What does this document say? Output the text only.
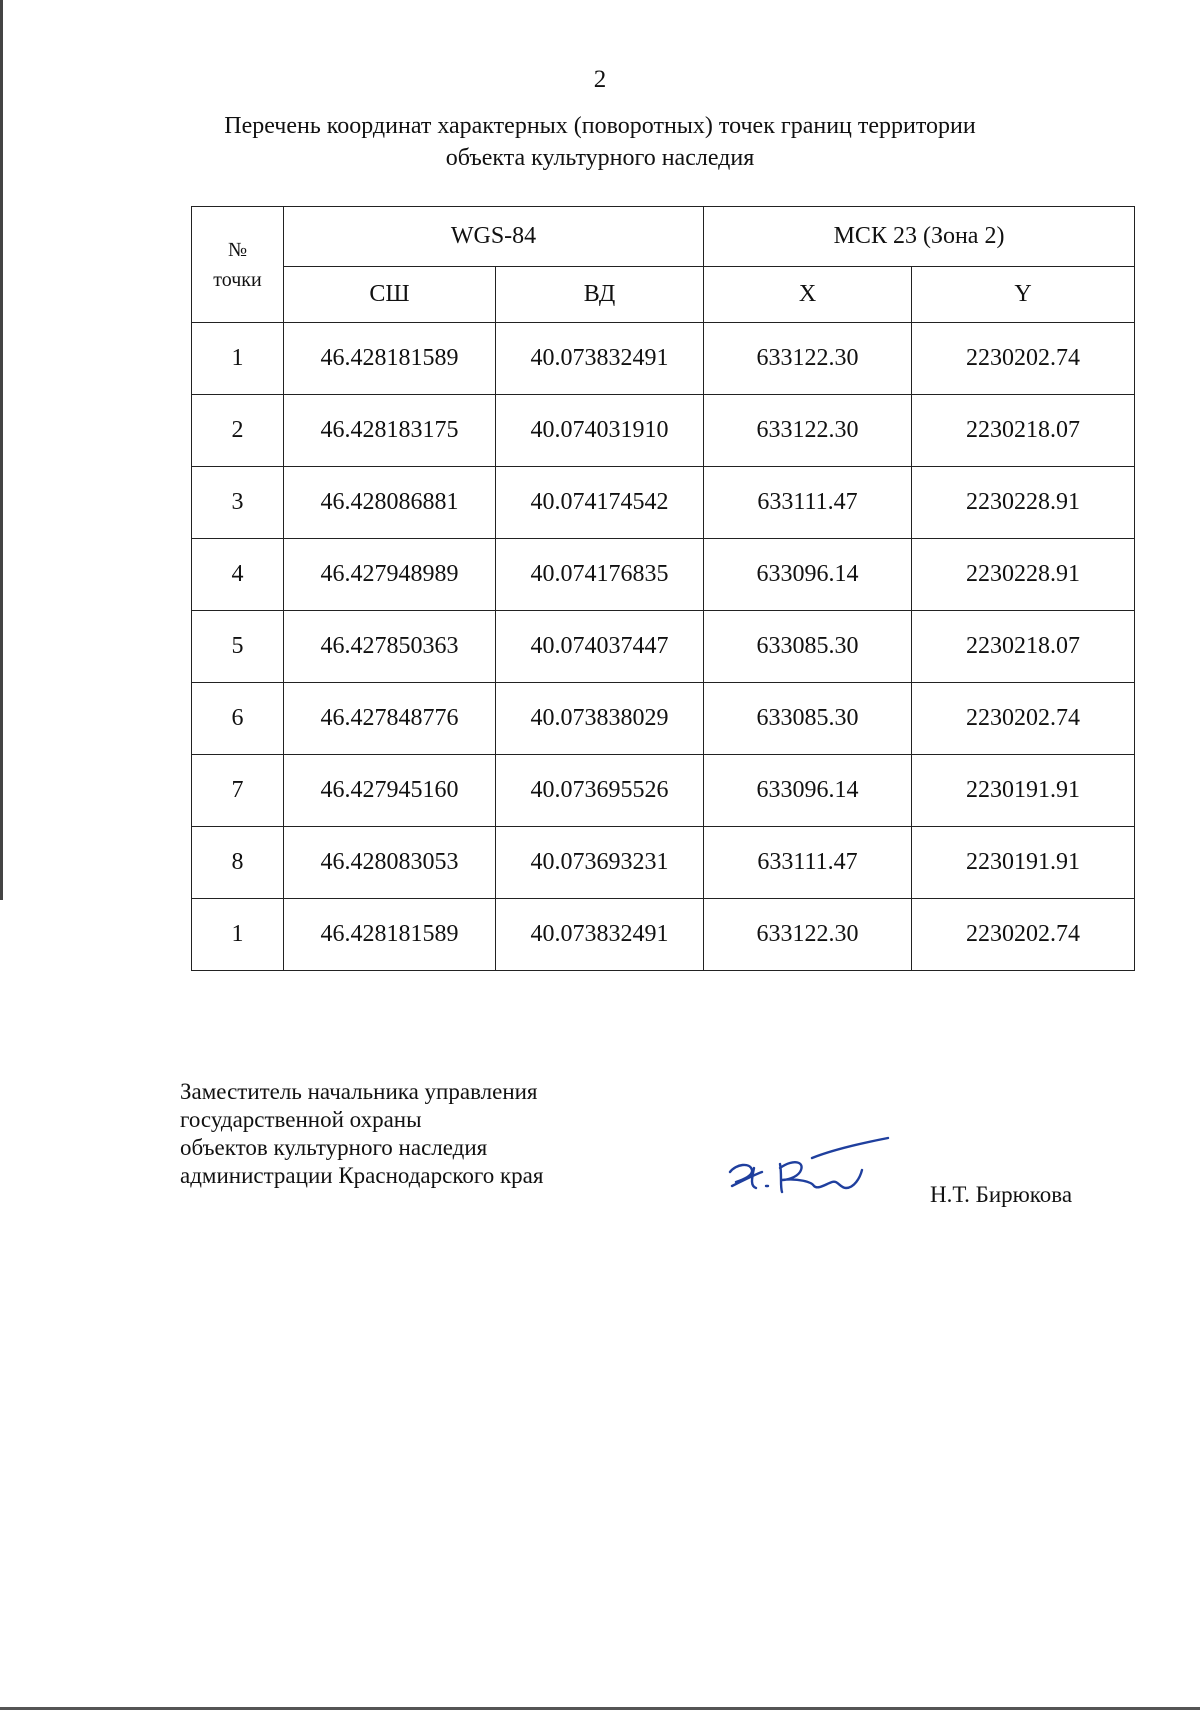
2
Перечень координат характерных (поворотных) точек границ территории
объекта культурного наследия
№
точки	WGS-84		МСК 23 (Зона 2)	
	СШ	ВД	X	Y
1	46.428181589	40.073832491	633122.30	2230202.74
2	46.428183175	40.074031910	633122.30	2230218.07
3	46.428086881	40.074174542	633111.47	2230228.91
4	46.427948989	40.074176835	633096.14	2230228.91
5	46.427850363	40.074037447	633085.30	2230218.07
6	46.427848776	40.073838029	633085.30	2230202.74
7	46.427945160	40.073695526	633096.14	2230191.91
8	46.428083053	40.073693231	633111.47	2230191.91
1	46.428181589	40.073832491	633122.30	2230202.74
Заместитель начальника управления
государственной охраны
объектов культурного наследия
администрации Краснодарского края
Н.Т. Бирюкова
